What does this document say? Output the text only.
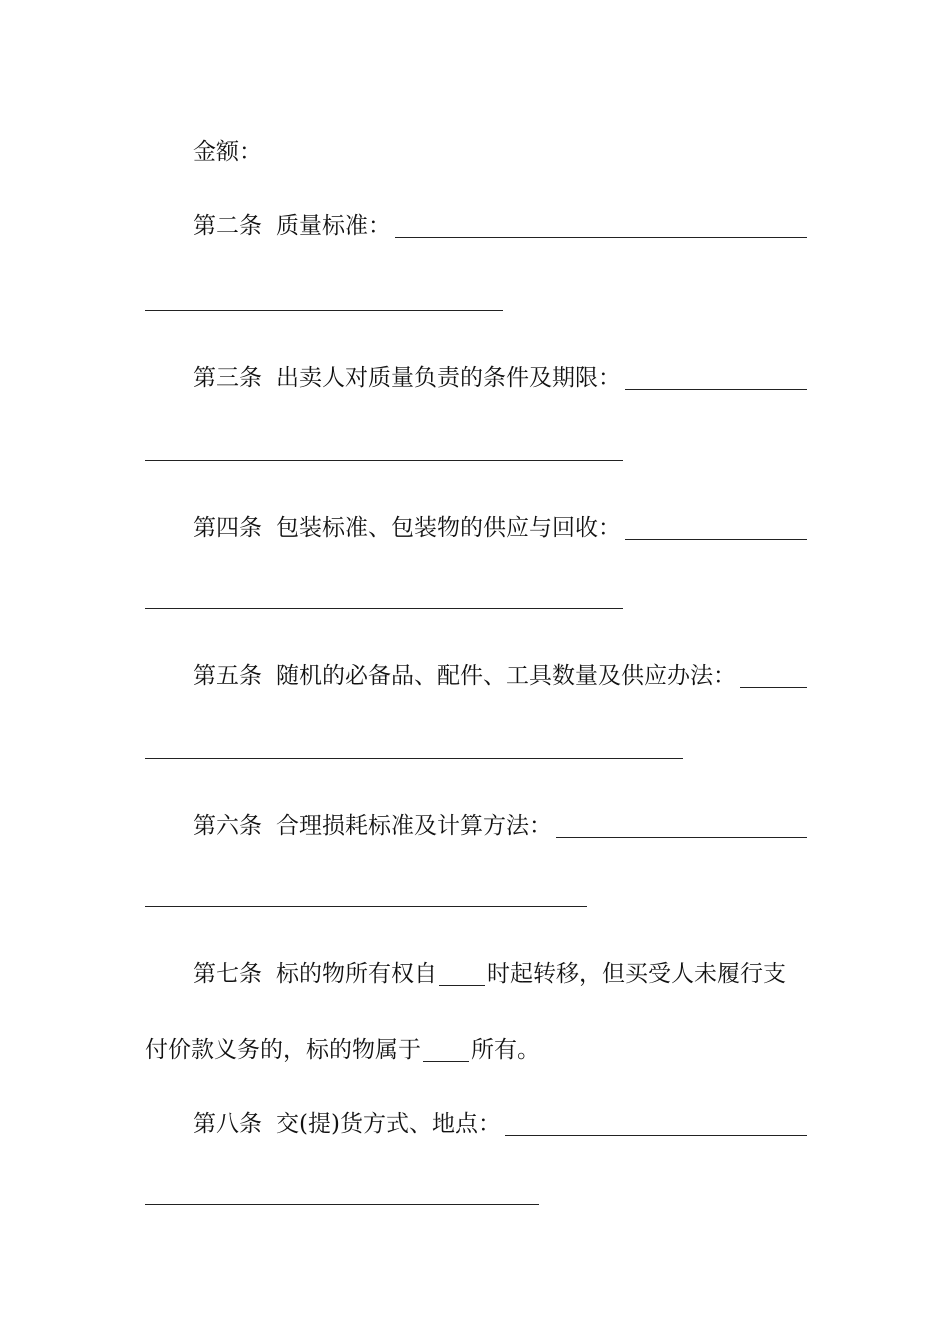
金额：
第二条 质量标准：
第三条 出卖人对质量负责的条件及期限：
第四条 包装标准、包装物的供应与回收：
第五条 随机的必备品、配件、工具数量及供应办法：
第六条 合理损耗标准及计算方法：
第七条 标的物所有权自 时起转移，但买受人未履行支
付价款义务的，标的物属于 所有。
第八条 交(提)货方式、地点：
